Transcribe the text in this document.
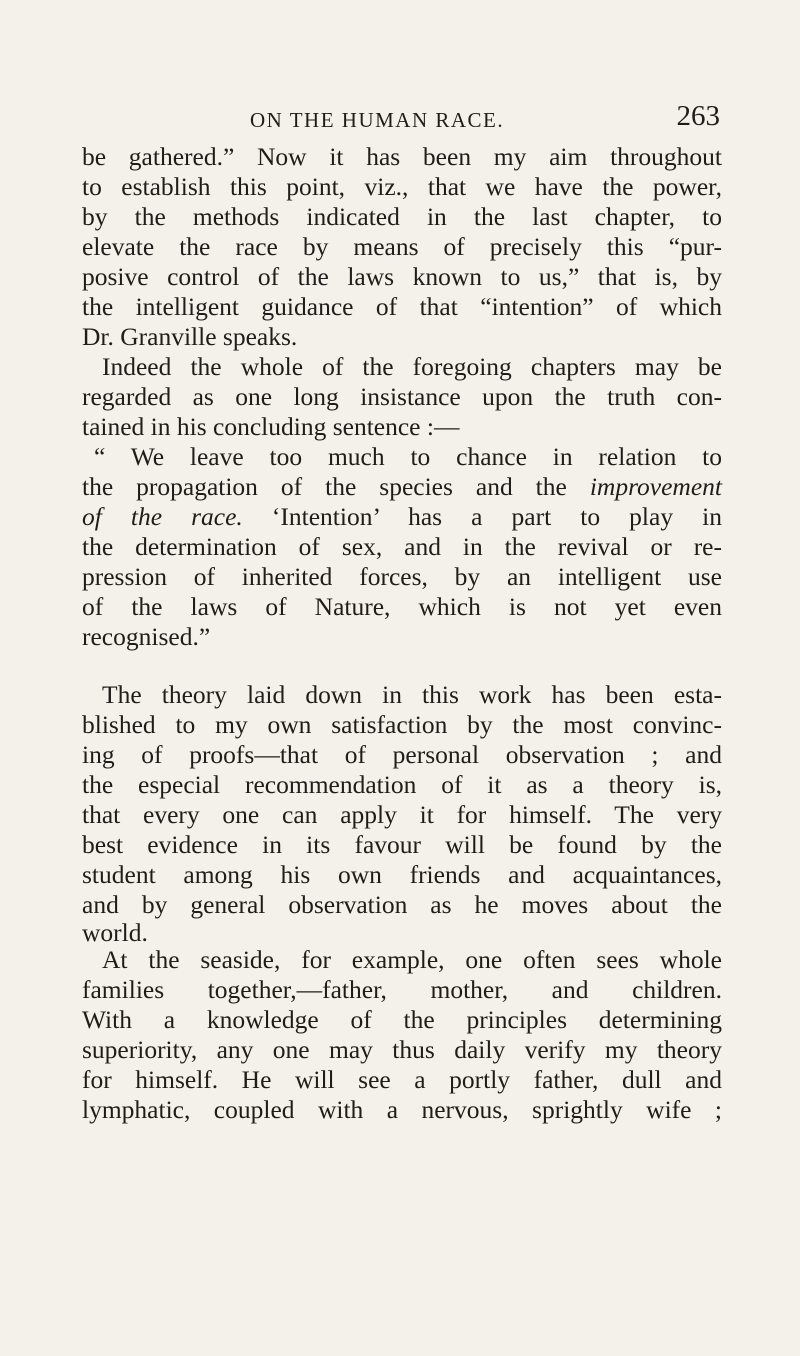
ON THE HUMAN RACE.	263
be gathered.” Now it has been my aim throughout
to establish this point, viz., that we have the power,
by the methods indicated in the last chapter, to
elevate the race by means of precisely this “pur-
posive control of the laws known to us,” that is, by
the intelligent guidance of that “intention” of which
Dr. Granville speaks.
Indeed the whole of the foregoing chapters may be
regarded as one long insistance upon the truth con-
tained in his concluding sentence :—
“ We leave too much to chance in relation to
the propagation of the species and the improvement
of the race. ‘Intention’ has a part to play in
the determination of sex, and in the revival or re-
pression of inherited forces, by an intelligent use
of the laws of Nature, which is not yet even
recognised.”
The theory laid down in this work has been esta-
blished to my own satisfaction by the most convinc-
ing of proofs—that of personal observation ; and
the especial recommendation of it as a theory is,
that every one can apply it for himself. The very
best evidence in its favour will be found by the
student among his own friends and acquaintances,
and by general observation as he moves about the
world.
At the seaside, for example, one often sees whole
families together,—father, mother, and children.
With a knowledge of the principles determining
superiority, any one may thus daily verify my theory
for himself. He will see a portly father, dull and
lymphatic, coupled with a nervous, sprightly wife ;
